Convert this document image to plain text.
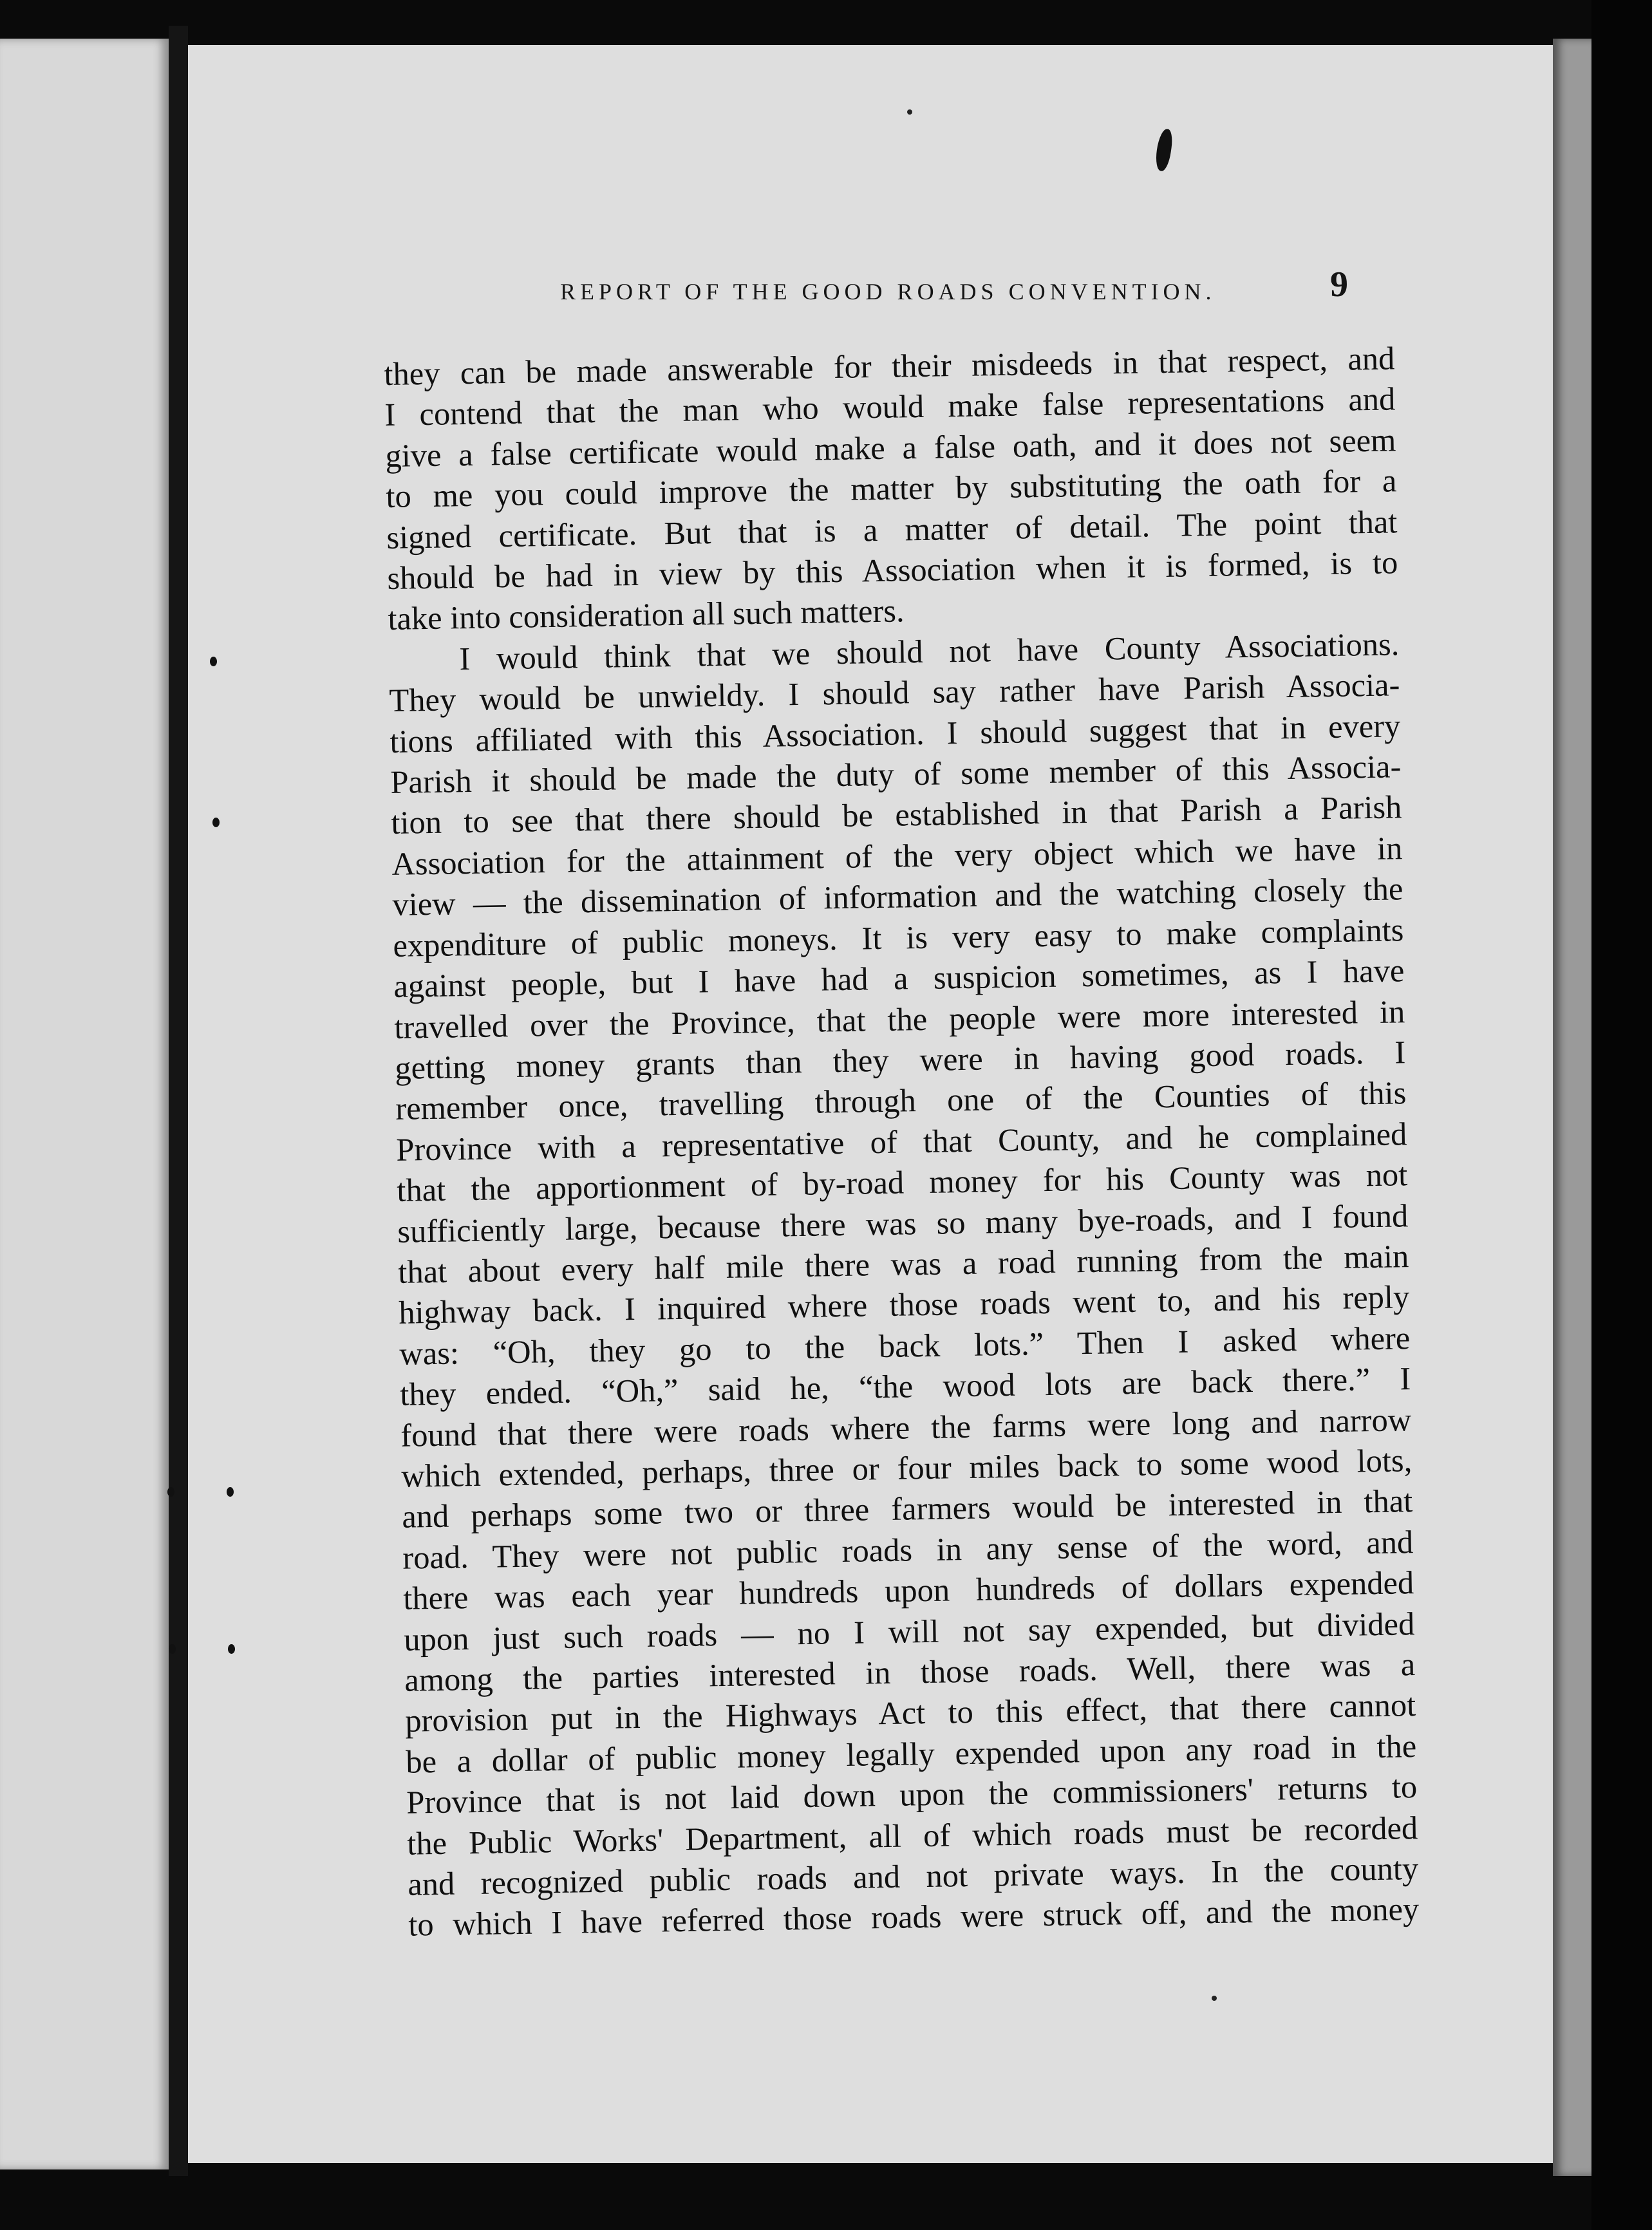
REPORT OF THE GOOD ROADS CONVENTION.	9
they can be made answerable for their misdeeds in that respect, and
I contend that the man who would make false representations and
give a false certificate would make a false oath, and it does not seem
to me you could improve the matter by substituting the oath for a
signed certificate. But that is a matter of detail. The point that
should be had in view by this Association when it is formed, is to
take into consideration all such matters.
I would think that we should not have County Associations.
They would be unwieldy. I should say rather have Parish Associa-
tions affiliated with this Association. I should suggest that in every
Parish it should be made the duty of some member of this Associa-
tion to see that there should be established in that Parish a Parish
Association for the attainment of the very object which we have in
view — the dissemination of information and the watching closely the
expenditure of public moneys. It is very easy to make complaints
against people, but I have had a suspicion sometimes, as I have
travelled over the Province, that the people were more interested in
getting money grants than they were in having good roads. I
remember once, travelling through one of the Counties of this
Province with a representative of that County, and he complained
that the apportionment of by-road money for his County was not
sufficiently large, because there was so many bye-roads, and I found
that about every half mile there was a road running from the main
highway back. I inquired where those roads went to, and his reply
was: “Oh, they go to the back lots.” Then I asked where
they ended. “Oh,” said he, “the wood lots are back there.” I
found that there were roads where the farms were long and narrow
which extended, perhaps, three or four miles back to some wood lots,
and perhaps some two or three farmers would be interested in that
road. They were not public roads in any sense of the word, and
there was each year hundreds upon hundreds of dollars expended
upon just such roads — no I will not say expended, but divided
among the parties interested in those roads. Well, there was a
provision put in the Highways Act to this effect, that there cannot
be a dollar of public money legally expended upon any road in the
Province that is not laid down upon the commissioners' returns to
the Public Works' Department, all of which roads must be recorded
and recognized public roads and not private ways. In the county
to which I have referred those roads were struck off, and the money
